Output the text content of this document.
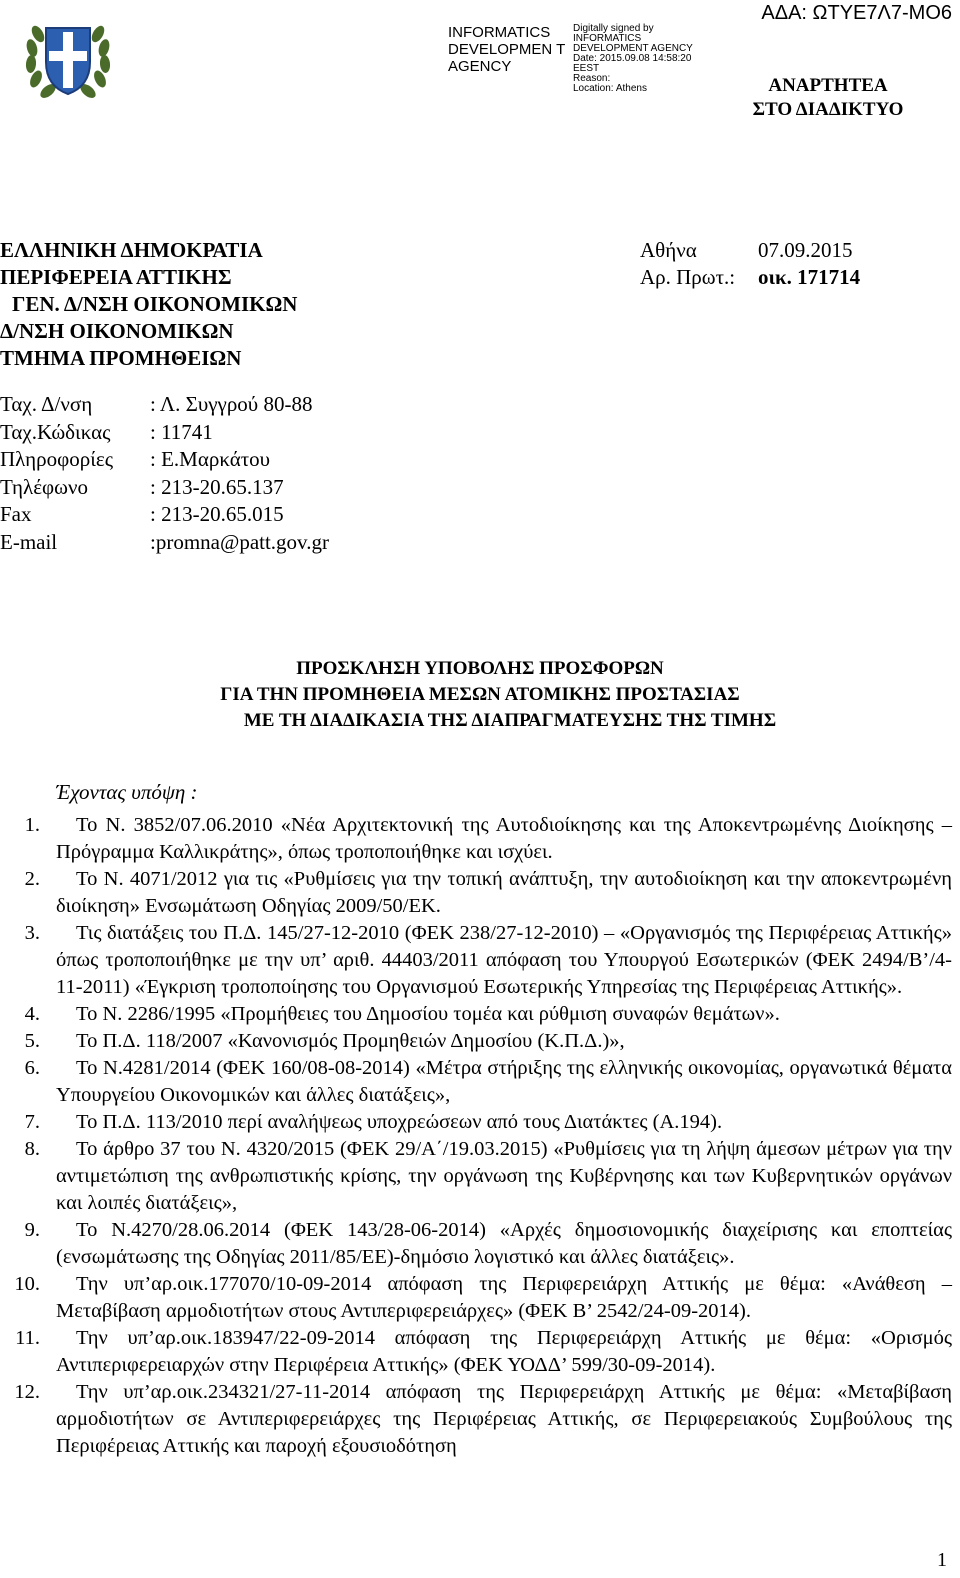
INFORMATICS DEVELOPMEN T AGENCY
Digitally signed by
INFORMATICS
DEVELOPMENT AGENCY
Date: 2015.09.08 14:58:20
EEST
Reason:
Location: Athens
ΑΔΑ: ΩΤΥΕ7Λ7-ΜΟ6
ΑΝΑΡΤΗΤΕΑ
ΣΤΟ ΔΙΑΔΙΚΤΥΟ
ΕΛΛΗΝΙΚΗ ΔΗΜΟΚΡΑΤΙΑ
ΠΕΡΙΦΕΡΕΙΑ ΑΤΤΙΚΗΣ
ΓΕΝ. Δ/ΝΣΗ ΟΙΚΟΝΟΜΙΚΩΝ
Δ/ΝΣΗ ΟΙΚΟΝΟΜΙΚΩΝ
ΤΜΗΜΑ ΠΡΟΜΗΘΕΙΩΝ
Αθήνα	07.09.2015
Αρ. Πρωτ.:	οικ. 171714
Ταχ. Δ/νση	: Λ. Συγγρού 80-88
Ταχ.Κώδικας	: 11741
Πληροφορίες	: Ε.Μαρκάτου
Τηλέφωνο	: 213-20.65.137
Fax	: 213-20.65.015
E-mail	:promna@patt.gov.gr
ΠΡΟΣΚΛΗΣΗ ΥΠΟΒΟΛΗΣ ΠΡΟΣΦΟΡΩΝ
ΓΙΑ ΤΗΝ ΠΡΟΜΗΘΕΙΑ ΜΕΣΩΝ ΑΤΟΜΙΚΗΣ ΠΡΟΣΤΑΣΙΑΣ
ΜΕ ΤΗ ΔΙΑΔΙΚΑΣΙΑ ΤΗΣ ΔΙΑΠΡΑΓΜΑΤΕΥΣΗΣ ΤΗΣ ΤΙΜΗΣ
Έχοντας υπόψη :
1.	Το Ν. 3852/07.06.2010 «Νέα Αρχιτεκτονική της Αυτοδιοίκησης και της Αποκεντρωμένης Διοίκησης – Πρόγραμμα Καλλικράτης», όπως τροποποιήθηκε και ισχύει.
2.	Το Ν. 4071/2012 για τις «Ρυθμίσεις για την τοπική ανάπτυξη, την αυτοδιοίκηση και την αποκεντρωμένη διοίκηση» Ενσωμάτωση Οδηγίας 2009/50/ΕΚ.
3.	Τις διατάξεις του Π.Δ. 145/27-12-2010 (ΦΕΚ 238/27-12-2010) – «Οργανισμός της Περιφέρειας Αττικής» όπως τροποποιήθηκε με την υπ’ αριθ. 44403/2011 απόφαση του Υπουργού Εσωτερικών (ΦΕΚ 2494/Β’/4-11-2011) «Έγκριση τροποποίησης του Οργανισμού Εσωτερικής Υπηρεσίας της Περιφέρειας Αττικής».
4.	Το Ν. 2286/1995 «Προμήθειες του Δημοσίου τομέα και ρύθμιση συναφών θεμάτων».
5.	Το Π.Δ. 118/2007 «Κανονισμός Προμηθειών Δημοσίου (Κ.Π.Δ.)»,
6.	Το Ν.4281/2014 (ΦΕΚ 160/08-08-2014) «Μέτρα στήριξης της ελληνικής οικονομίας, οργανωτικά θέματα Υπουργείου Οικονομικών και άλλες διατάξεις»,
7.	Το Π.Δ. 113/2010 περί αναλήψεως υποχρεώσεων από τους Διατάκτες (Α.194).
8.	Το άρθρο 37 του Ν. 4320/2015 (ΦΕΚ 29/Α΄/19.03.2015) «Ρυθμίσεις για τη λήψη άμεσων μέτρων για την αντιμετώπιση της ανθρωπιστικής κρίσης, την οργάνωση της Κυβέρνησης και των Κυβερνητικών οργάνων και λοιπές διατάξεις»,
9.	Το Ν.4270/28.06.2014 (ΦΕΚ 143/28-06-2014) «Αρχές δημοσιονομικής διαχείρισης και εποπτείας (ενσωμάτωσης της Οδηγίας 2011/85/ΕΕ)-δημόσιο λογιστικό και άλλες διατάξεις».
10.	Την υπ’αρ.οικ.177070/10-09-2014 απόφαση της Περιφερειάρχη Αττικής με θέμα: «Ανάθεση – Μεταβίβαση αρμοδιοτήτων στους Αντιπεριφερειάρχες» (ΦΕΚ Β’ 2542/24-09-2014).
11.	Την υπ’αρ.οικ.183947/22-09-2014 απόφαση της Περιφερειάρχη Αττικής με θέμα: «Ορισμός Αντιπεριφερειαρχών στην Περιφέρεια Αττικής» (ΦΕΚ ΥΟΔΔ’ 599/30-09-2014).
12.	Την υπ’αρ.οικ.234321/27-11-2014 απόφαση της Περιφερειάρχη Αττικής με θέμα: «Μεταβίβαση αρμοδιοτήτων σε Αντιπεριφερειάρχες της Περιφέρειας Αττικής, σε Περιφερειακούς Συμβούλους της Περιφέρειας Αττικής και παροχή εξουσιοδότηση
1
